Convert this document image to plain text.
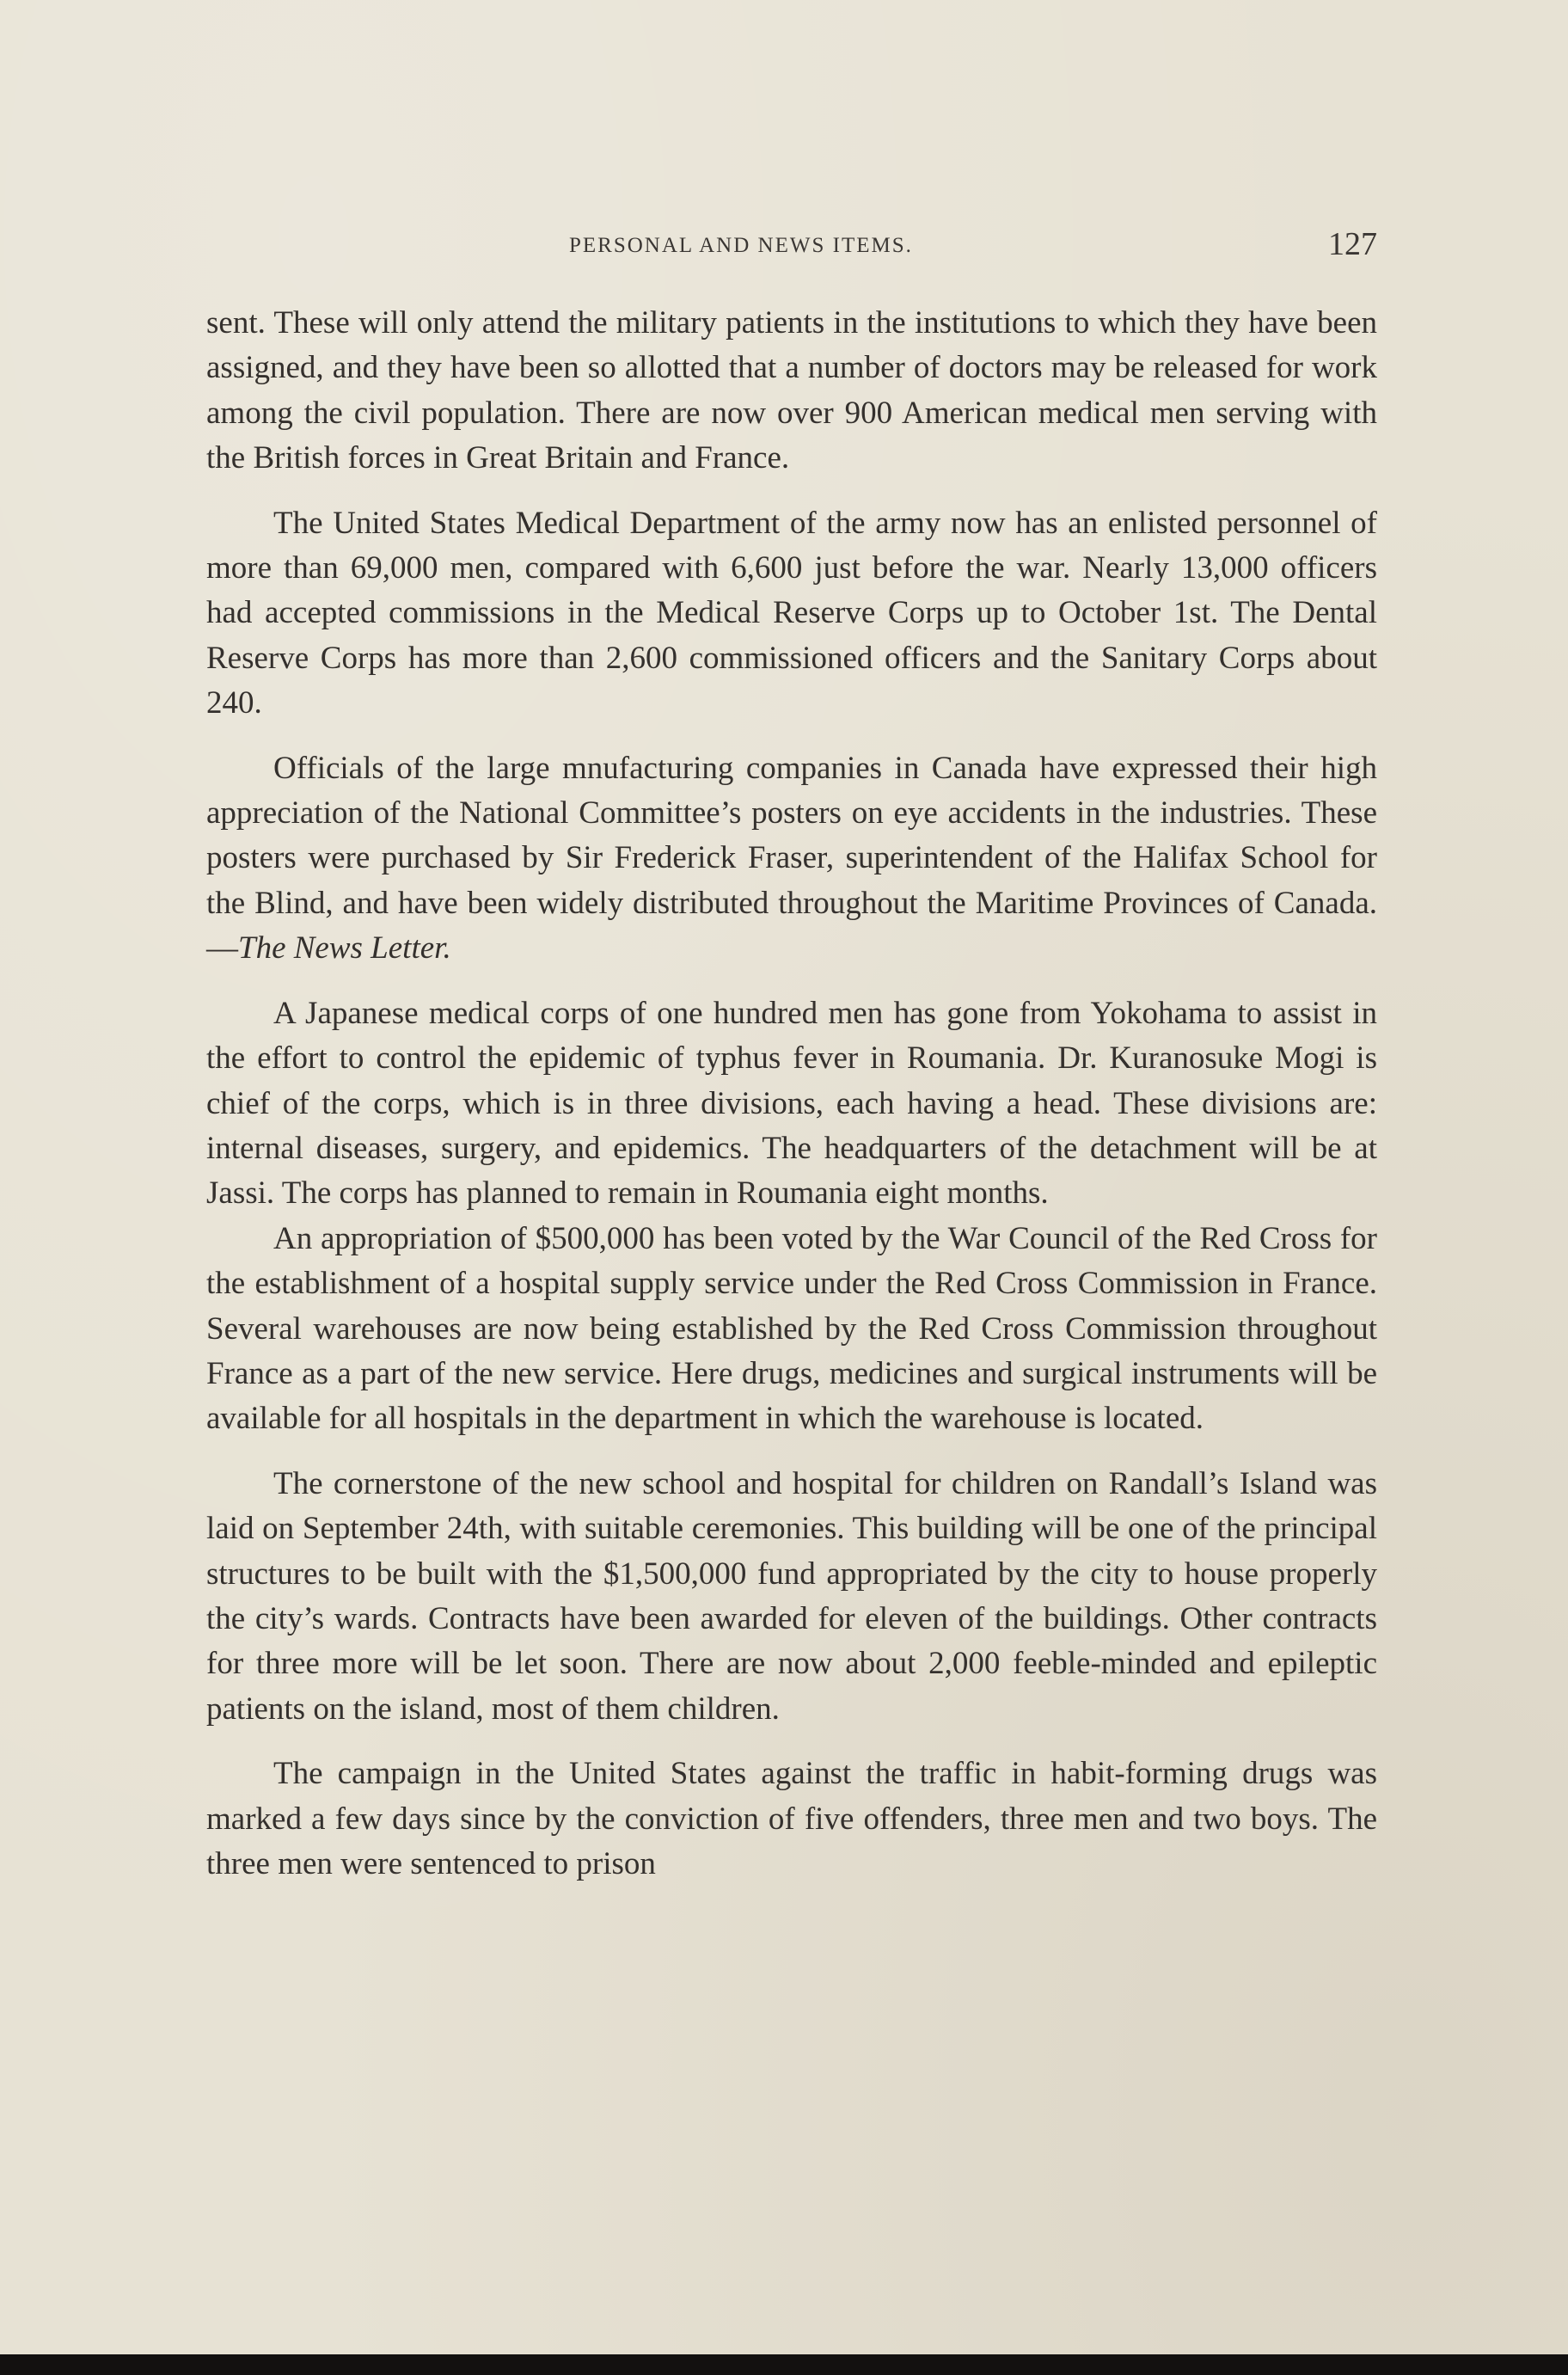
PERSONAL AND NEWS ITEMS.	127

sent. These will only attend the military patients in the institutions to which they have been assigned, and they have been so allotted that a number of doctors may be released for work among the civil population. There are now over 900 American medical men serving with the British forces in Great Britain and France.

The United States Medical Department of the army now has an enlisted personnel of more than 69,000 men, compared with 6,600 just before the war. Nearly 13,000 officers had accepted commissions in the Medical Reserve Corps up to October 1st. The Dental Reserve Corps has more than 2,600 commissioned officers and the Sanitary Corps about 240.

Officials of the large mnufacturing companies in Canada have expressed their high appreciation of the National Committee’s posters on eye accidents in the industries. These posters were purchased by Sir Frederick Fraser, superintendent of the Halifax School for the Blind, and have been widely distributed throughout the Maritime Provinces of Canada.—The News Letter.

A Japanese medical corps of one hundred men has gone from Yokohama to assist in the effort to control the epidemic of typhus fever in Roumania. Dr. Kuranosuke Mogi is chief of the corps, which is in three divisions, each having a head. These divisions are: internal diseases, surgery, and epidemics. The headquarters of the detachment will be at Jassi. The corps has planned to remain in Roumania eight months.

An appropriation of $500,000 has been voted by the War Council of the Red Cross for the establishment of a hospital supply service under the Red Cross Commission in France. Several warehouses are now being established by the Red Cross Commission throughout France as a part of the new service. Here drugs, medicines and surgical instruments will be available for all hospitals in the department in which the warehouse is located.

The cornerstone of the new school and hospital for children on Randall’s Island was laid on September 24th, with suitable ceremonies. This building will be one of the principal structures to be built with the $1,500,000 fund appropriated by the city to house properly the city’s wards. Contracts have been awarded for eleven of the buildings. Other contracts for three more will be let soon. There are now about 2,000 feeble-minded and epileptic patients on the island, most of them children.

The campaign in the United States against the traffic in habit-forming drugs was marked a few days since by the conviction of five offenders, three men and two boys. The three men were sentenced to prison
